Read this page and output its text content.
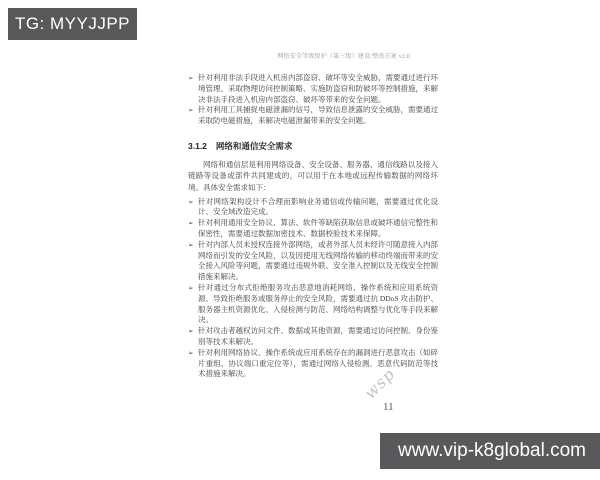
TG: MYYJJPP
网络安全等级保护（第三级）建设/整改方案 v2.0
➢ 针对利用非法手段进入机房内部盗窃、破坏等安全威胁，需要通过进行环境管理、采取物理访问控制策略、实施防盗窃和防破坏等控制措施，来解决非法手段进入机房内部盗窃、破坏等带来的安全问题。
➢ 针对利用工具捕捉电磁泄漏的信号，导致信息泄露的安全威胁，需要通过采取防电磁措施，来解决电磁泄漏带来的安全问题。
3.1.2 网络和通信安全需求

网络和通信层是利用网络设备、安全设备、服务器、通信线路以及接入链路等设备或部件共同建成的，可以用于在本地或远程传输数据的网络环境。具体安全需求如下：

➢ 针对网络架构设计不合理而影响业务通信或传输问题，需要通过优化设计、安全域改造完成。
➢ 针对利用通用安全协议、算法、软件等缺陷获取信息或破坏通信完整性和保密性，需要通过数据加密技术、数据校验技术来保障。
➢ 针对内部人员未授权连接外部网络，或者外部人员未经许可随意接入内部网络而引发的安全风险，以及因使用无线网络传输的移动终端而带来的安全接入风险等问题，需要通过违规外联、安全准入控制以及无线安全控制措施来解决。
➢ 针对通过分布式拒绝服务攻击恶意地消耗网络、操作系统和应用系统资源、导致拒绝服务或服务停止的安全风险，需要通过抗 DDoS 攻击防护、服务器主机资源优化、入侵检测与防范、网络结构调整与优化等手段来解决。
➢ 针对攻击者越权访问文件、数据或其他资源，需要通过访问控制、身份鉴别等技术来解决。
➢ 针对利用网络协议、操作系统或应用系统存在的漏洞进行恶意攻击（如碎片重组、协议端口重定位等），需通过网络入侵检测、恶意代码防范等技术措施来解决。	wsp
11
www.vip-k8global.com
